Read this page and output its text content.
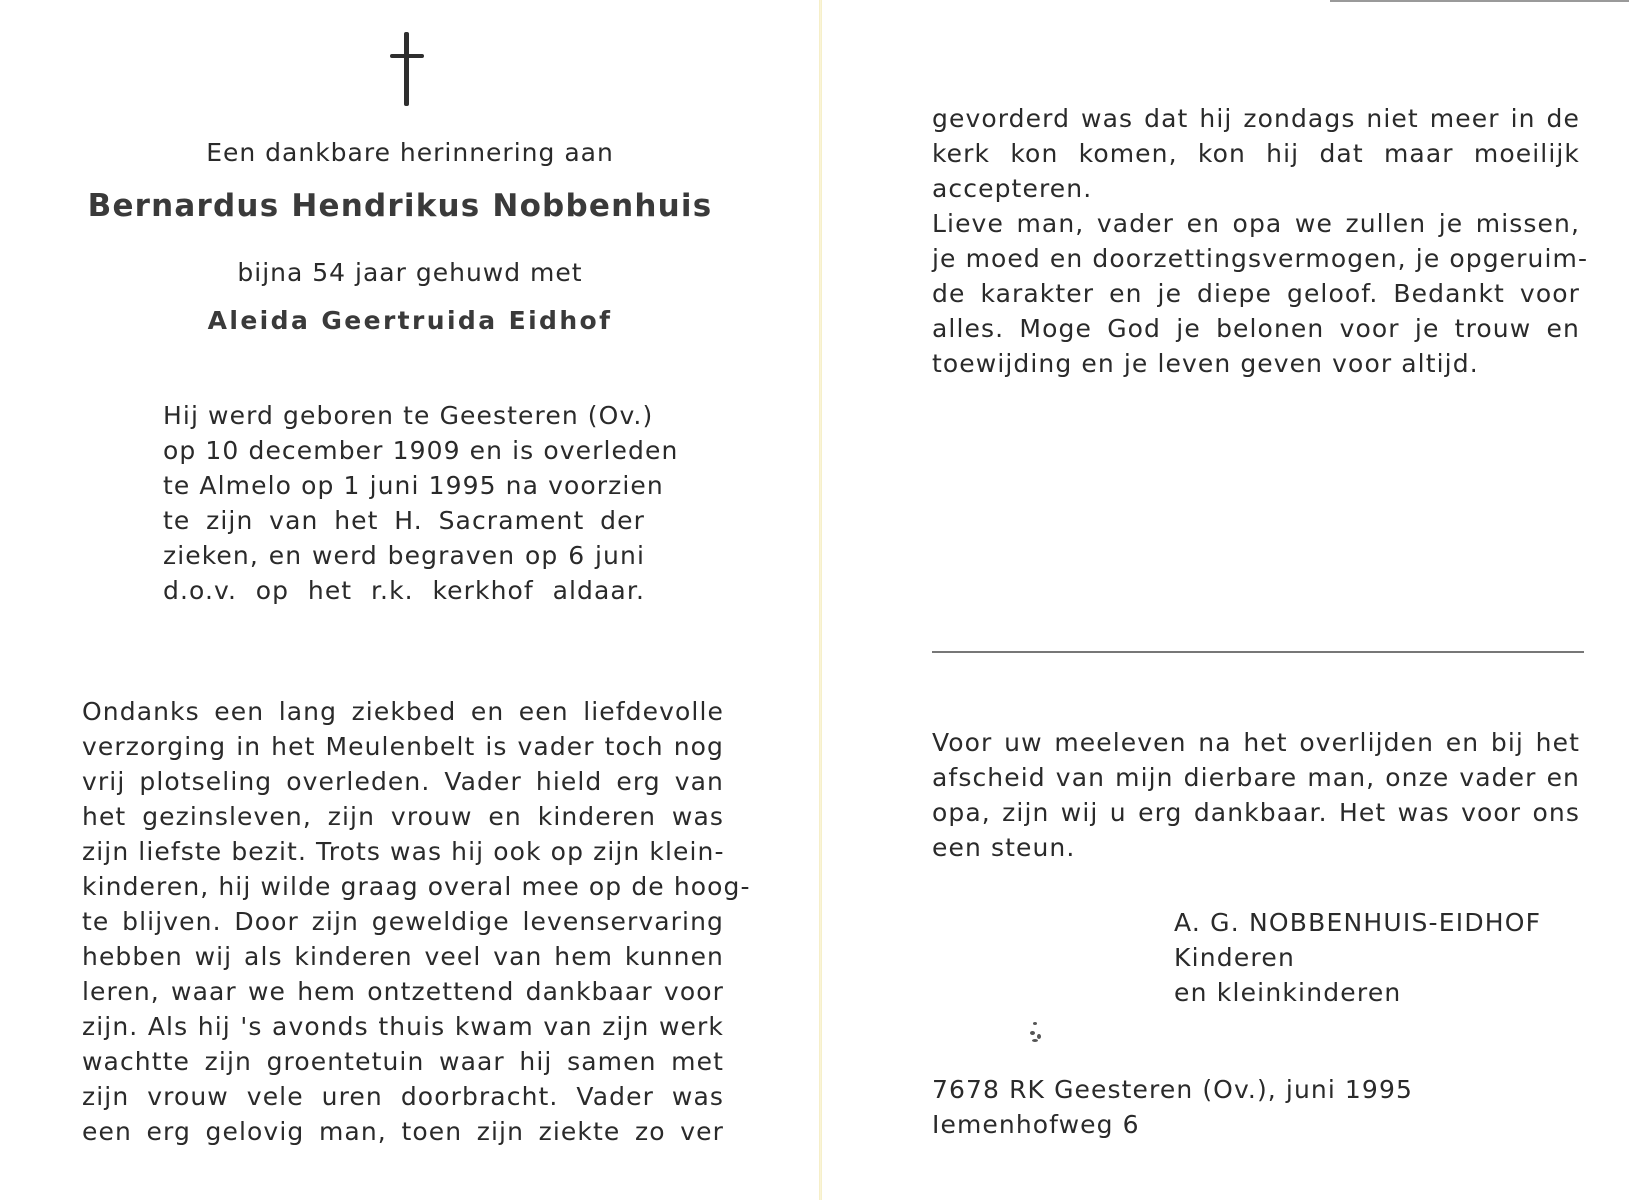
Een dankbare herinnering aan
Bernardus Hendrikus Nobbenhuis
bijna 54 jaar gehuwd met
Aleida Geertruida Eidhof
Hij werd geboren te Geesteren (Ov.)
op 10 december 1909 en is overleden
te Almelo op 1 juni 1995 na voorzien
te zijn van het H. Sacrament der
zieken, en werd begraven op 6 juni
d.o.v. op het r.k. kerkhof aldaar.
Ondanks een lang ziekbed en een liefdevolle
verzorging in het Meulenbelt is vader toch nog
vrij plotseling overleden. Vader hield erg van
het gezinsleven, zijn vrouw en kinderen was
zijn liefste bezit. Trots was hij ook op zijn klein-
kinderen, hij wilde graag overal mee op de hoog-
te blijven. Door zijn geweldige levenservaring
hebben wij als kinderen veel van hem kunnen
leren, waar we hem ontzettend dankbaar voor
zijn. Als hij 's avonds thuis kwam van zijn werk
wachtte zijn groentetuin waar hij samen met
zijn vrouw vele uren doorbracht. Vader was
een erg gelovig man, toen zijn ziekte zo ver
gevorderd was dat hij zondags niet meer in de
kerk kon komen, kon hij dat maar moeilijk
accepteren.
Lieve man, vader en opa we zullen je missen,
je moed en doorzettingsvermogen, je opgeruim-
de karakter en je diepe geloof. Bedankt voor
alles. Moge God je belonen voor je trouw en
toewijding en je leven geven voor altijd.
Voor uw meeleven na het overlijden en bij het
afscheid van mijn dierbare man, onze vader en
opa, zijn wij u erg dankbaar. Het was voor ons
een steun.
A. G. NOBBENHUIS-EIDHOF
Kinderen
en kleinkinderen
7678 RK Geesteren (Ov.), juni 1995
Iemenhofweg 6
